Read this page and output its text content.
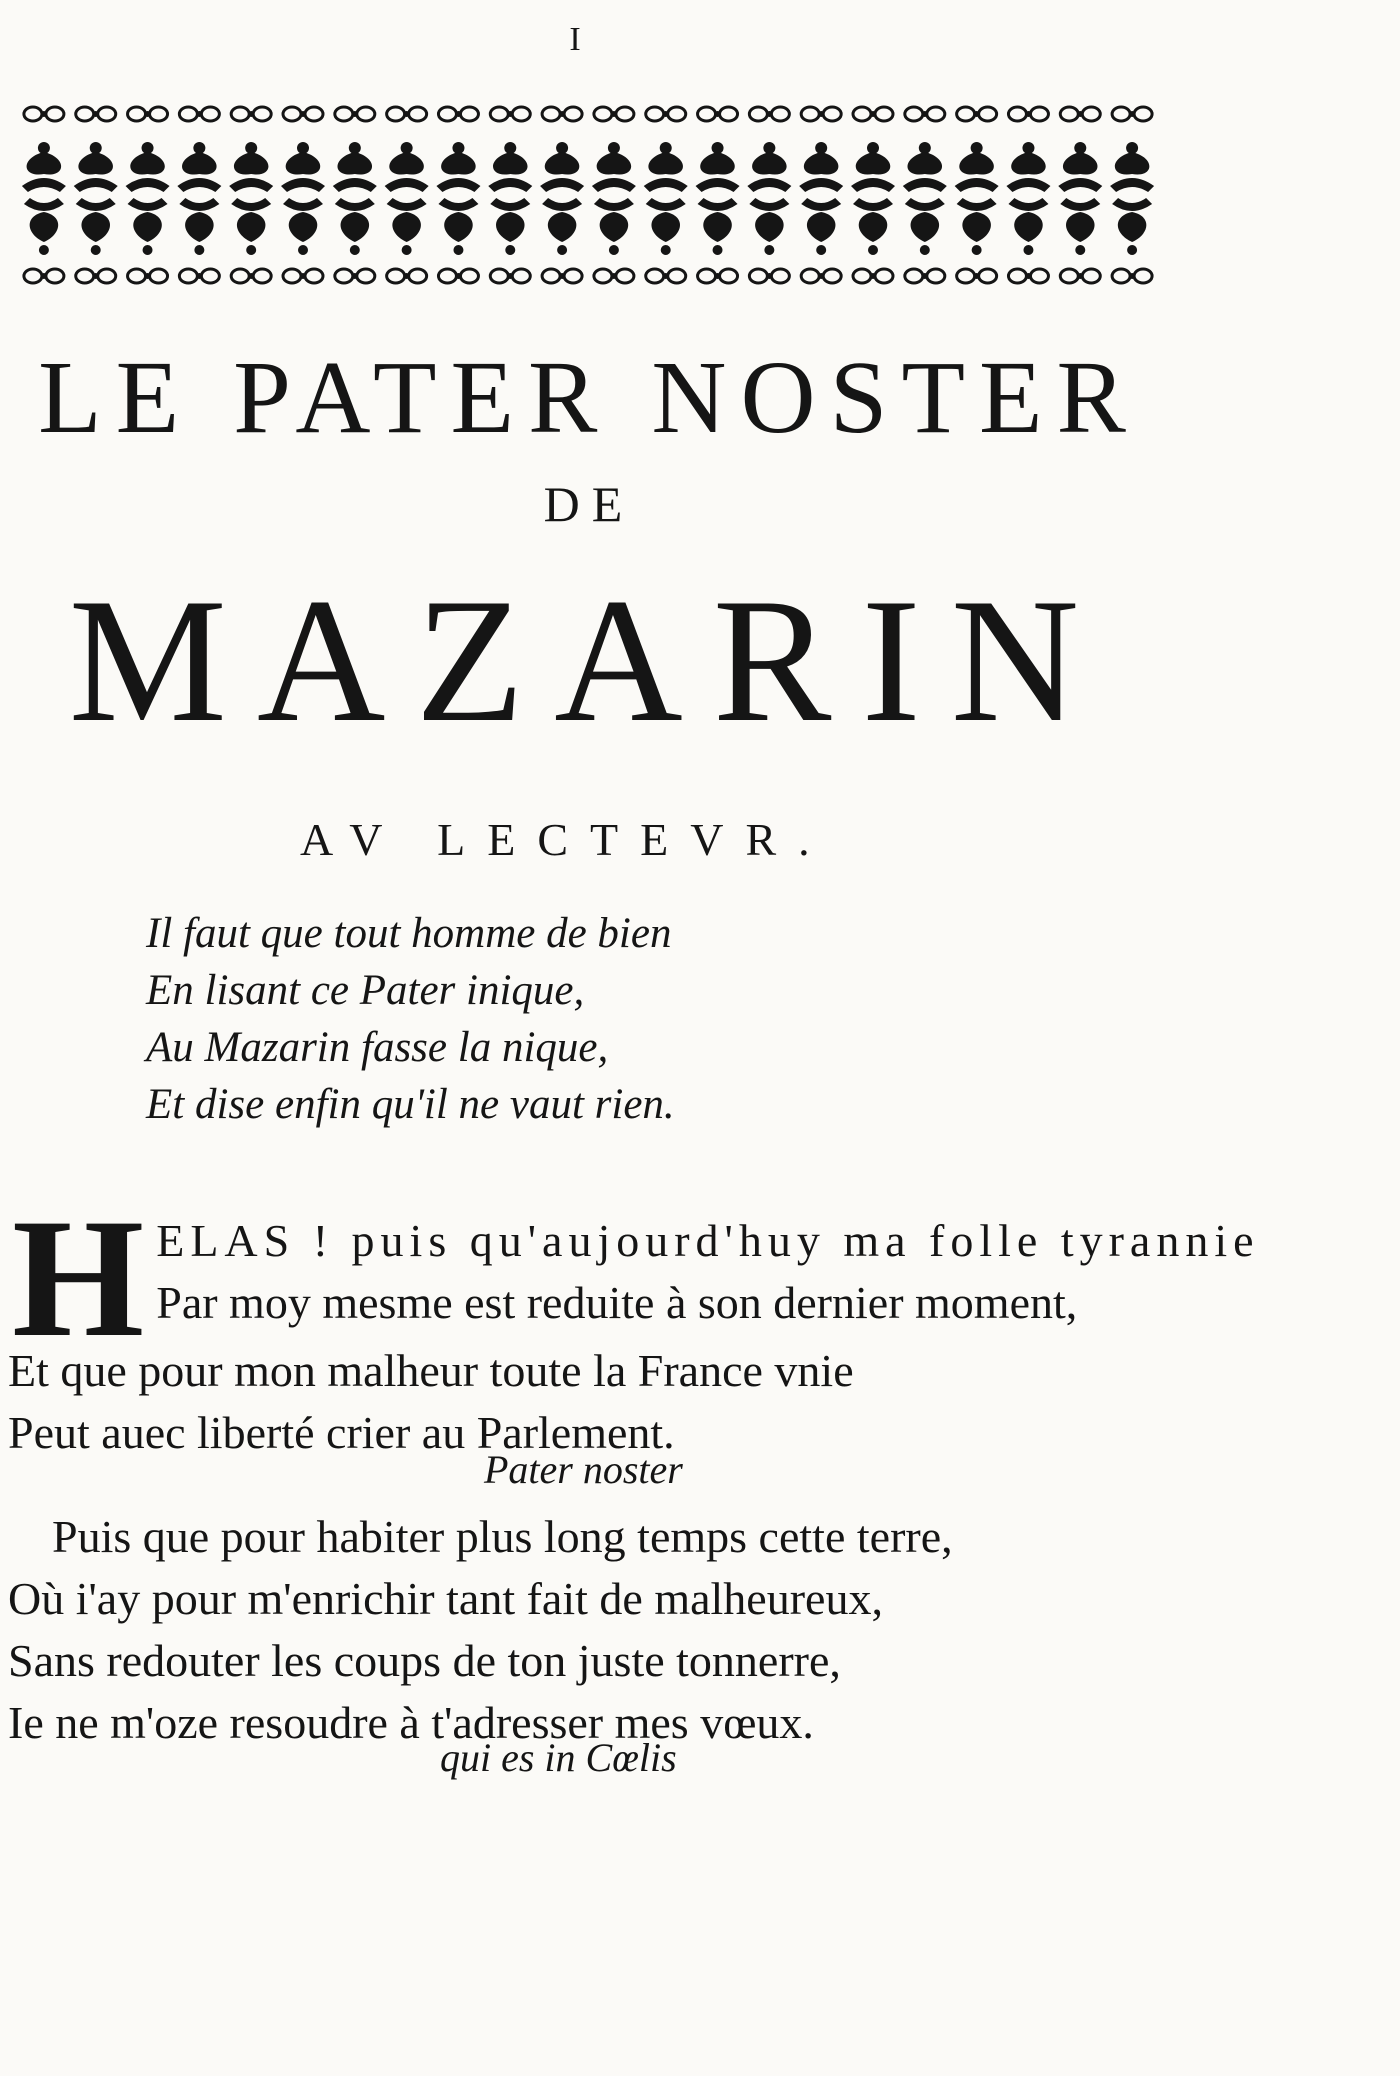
I
LE PATER NOSTER
DE
MAZARIN
AV LECTEVR.
Il faut que tout homme de bien
En lisant ce Pater inique,
Au Mazarin fasse la nique,
Et dise enfin qu'il ne vaut rien.
H ELAS ! puis qu'aujourd'huy ma folle tyrannie
Par moy mesme est reduite à son dernier moment,
Et que pour mon malheur toute la France vnie
Peut auec liberté crier au Parlement.
Pater noster
Puis que pour habiter plus long temps cette terre,
Où i'ay pour m'enrichir tant fait de malheureux,
Sans redouter les coups de ton juste tonnerre,
Ie ne m'oze resoudre à t'adresser mes vœux.
qui es in Cœlis
